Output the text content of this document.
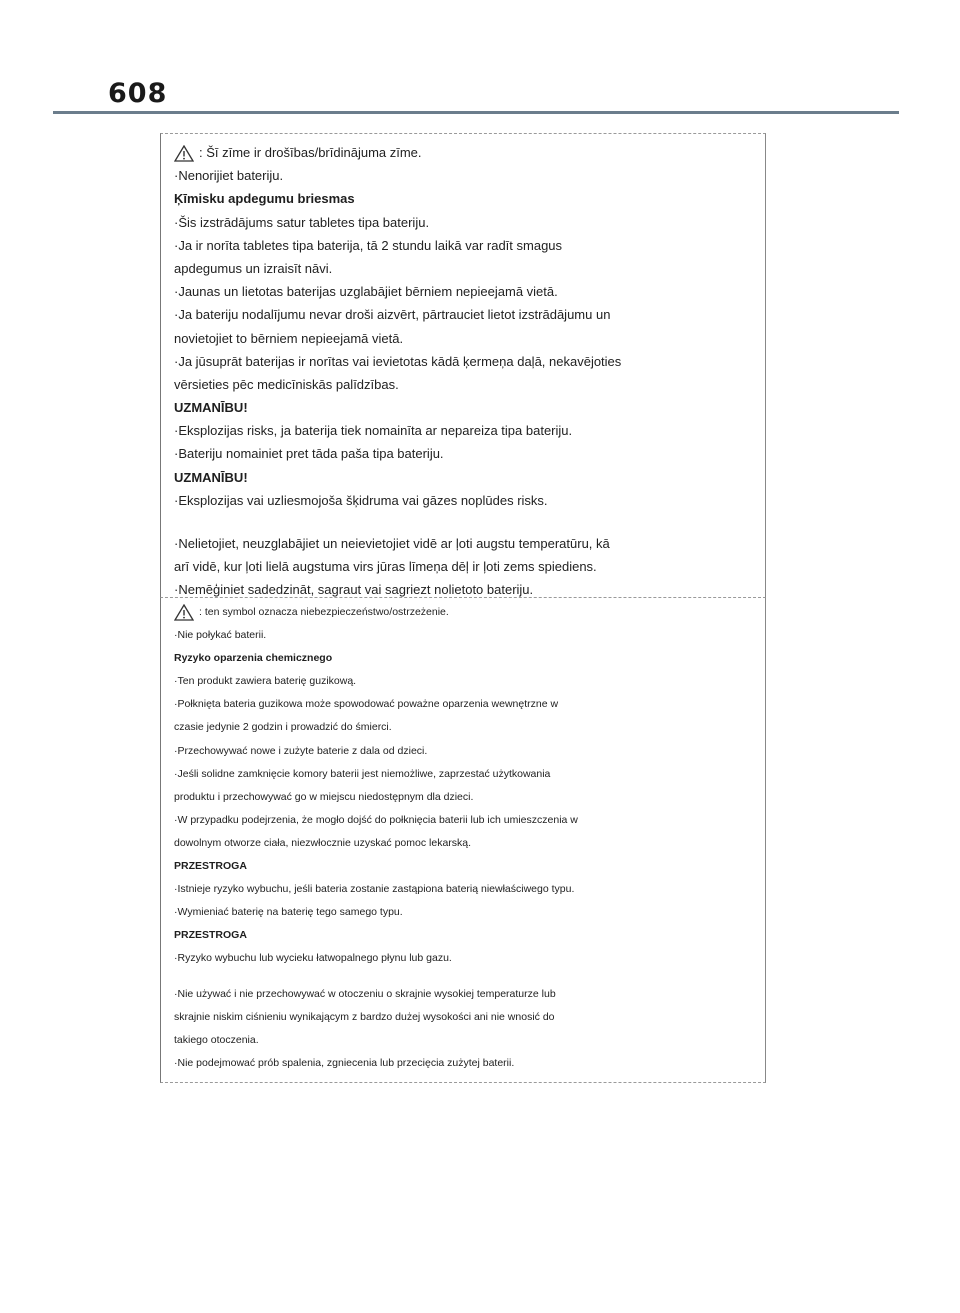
608
: Šī zīme ir drošības/brīdinājuma zīme.
·Nenorijiet bateriju.
Ķīmisku apdegumu briesmas
·Šis izstrādājums satur tabletes tipa bateriju.
·Ja ir norīta tabletes tipa baterija, tā 2 stundu laikā var radīt smagus
apdegumus un izraisīt nāvi.
·Jaunas un lietotas baterijas uzglabājiet bērniem nepieejamā vietā.
·Ja bateriju nodalījumu nevar droši aizvērt, pārtrauciet lietot izstrādājumu un
novietojiet to bērniem nepieejamā vietā.
·Ja jūsuprāt baterijas ir norītas vai ievietotas kādā ķermeņa daļā, nekavējoties
vērsieties pēc medicīniskās palīdzības.
UZMANĪBU!
·Eksplozijas risks, ja baterija tiek nomainīta ar nepareiza tipa bateriju.
·Bateriju nomainiet pret tāda paša tipa bateriju.
UZMANĪBU!
·Eksplozijas vai uzliesmojoša šķidruma vai gāzes noplūdes risks.
·Nelietojiet, neuzglabājiet un neievietojiet vidē ar ļoti augstu temperatūru, kā
arī vidē, kur ļoti lielā augstuma virs jūras līmeņa dēļ ir ļoti zems spiediens.
·Nemēģiniet sadedzināt, sagraut vai sagriezt nolietoto bateriju.
: ten symbol oznacza niebezpieczeństwo/ostrzeżenie.
·Nie połykać baterii.
Ryzyko oparzenia chemicznego
·Ten produkt zawiera baterię guzikową.
·Połknięta bateria guzikowa może spowodować poważne oparzenia wewnętrzne w
czasie jedynie 2 godzin i prowadzić do śmierci.
·Przechowywać nowe i zużyte baterie z dala od dzieci.
·Jeśli solidne zamknięcie komory baterii jest niemożliwe, zaprzestać użytkowania
produktu i przechowywać go w miejscu niedostępnym dla dzieci.
·W przypadku podejrzenia, że mogło dojść do połknięcia baterii lub ich umieszczenia w
dowolnym otworze ciała, niezwłocznie uzyskać pomoc lekarską.
PRZESTROGA
·Istnieje ryzyko wybuchu, jeśli bateria zostanie zastąpiona baterią niewłaściwego typu.
·Wymieniać baterię na baterię tego samego typu.
PRZESTROGA
·Ryzyko wybuchu lub wycieku łatwopalnego płynu lub gazu.
·Nie używać i nie przechowywać w otoczeniu o skrajnie wysokiej temperaturze lub
skrajnie niskim ciśnieniu wynikającym z bardzo dużej wysokości ani nie wnosić do
takiego otoczenia.
·Nie podejmować prób spalenia, zgniecenia lub przecięcia zużytej baterii.
